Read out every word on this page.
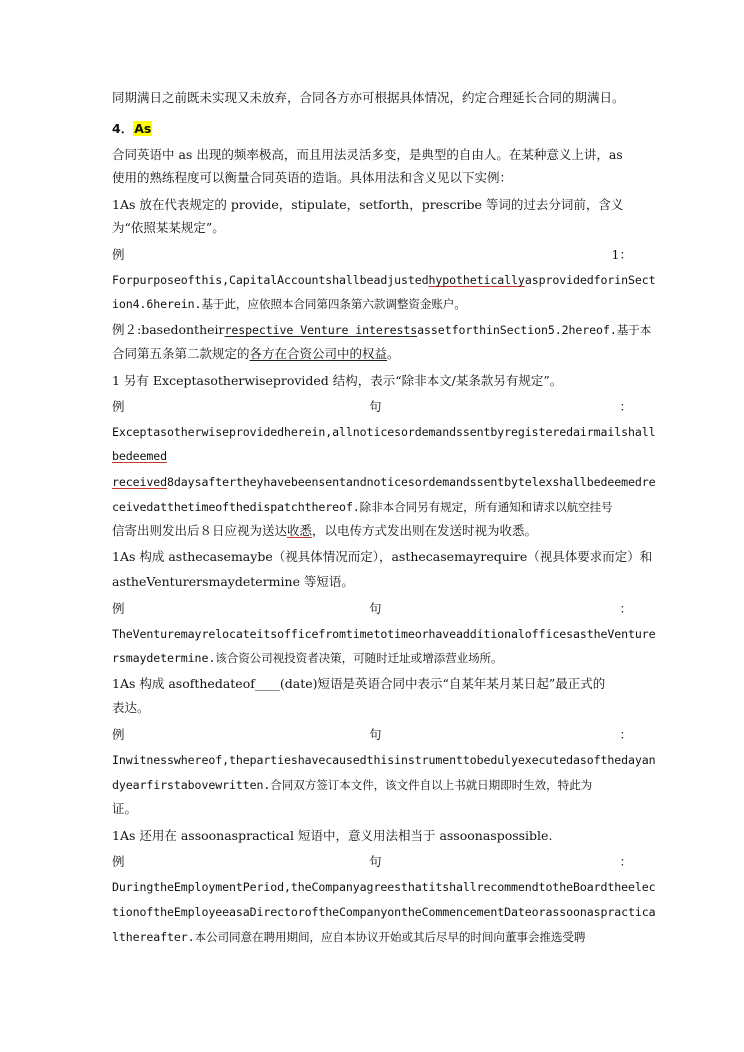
同期满日之前既未实现又未放弃，合同各方亦可根据具体情况，约定合理延长合同的期满日。
4．As
合同英语中 as 出现的频率极高，而且用法灵活多变，是典型的自由人。在某种意义上讲，as
使用的熟练程度可以衡量合同英语的造诣。具体用法和含义见以下实例：
1As 放在代表规定的 provide，stipulate，setforth，prescribe 等词的过去分词前，含义
为“依照某某规定”。
例	1：
Forpurposeofthis,CapitalAccountshallbeadjustedhypotheticallyasprovidedforinSect
ion4.6herein.基于此，应依照本合同第四条第六款调整资金账户。
例２:basedontheirrespective Venture interestsassetforthinSection5.2hereof.基于本
合同第五条第二款规定的各方在合资公司中的权益。
1 另有 Exceptasotherwiseprovided 结构，表示“除非本文/某条款另有规定”。
例	句	：
Exceptasotherwiseprovidedherein,allnoticesordemandssentbyregisteredairmailshall
bedeemed
received8daysaftertheyhavebeensentandnoticesordemandssentbytelexshallbedeemedre
ceivedatthetimeofthedispatchthereof.除非本合同另有规定，所有通知和请求以航空挂号
信寄出则发出后８日应视为送达收悉，以电传方式发出则在发送时视为收悉。
1As 构成 asthecasemaybe（视具体情况而定），asthecasemayrequire（视具体要求而定）和
astheVenturersmaydetermine 等短语。
例	句	：
TheVenturemayrelocateitsofficefromtimetotimeorhaveadditionalofficesastheVenture
rsmaydetermine.该合资公司视投资者决策，可随时迁址或增添营业场所。
1As 构成 asofthedateof____(date)短语是英语合同中表示“自某年某月某日起”最正式的
表达。
例	句	：
Inwitnesswhereof,thepartieshavecausedthisinstrumenttobedulyexecutedasofthedayan
dyearfirstabovewritten.合同双方签订本文件，该文件自以上书就日期即时生效，特此为
证。
1As 还用在 assoonaspractical 短语中，意义用法相当于 assoonaspossible.
例	句	：
DuringtheEmploymentPeriod,theCompanyagreesthatitshallrecommendtotheBoardtheelec
tionoftheEmployeeasaDirectoroftheCompanyontheCommencementDateorassoonaspractica
lthereafter.本公司同意在聘用期间，应自本协议开始或其后尽早的时间向董事会推选受聘
